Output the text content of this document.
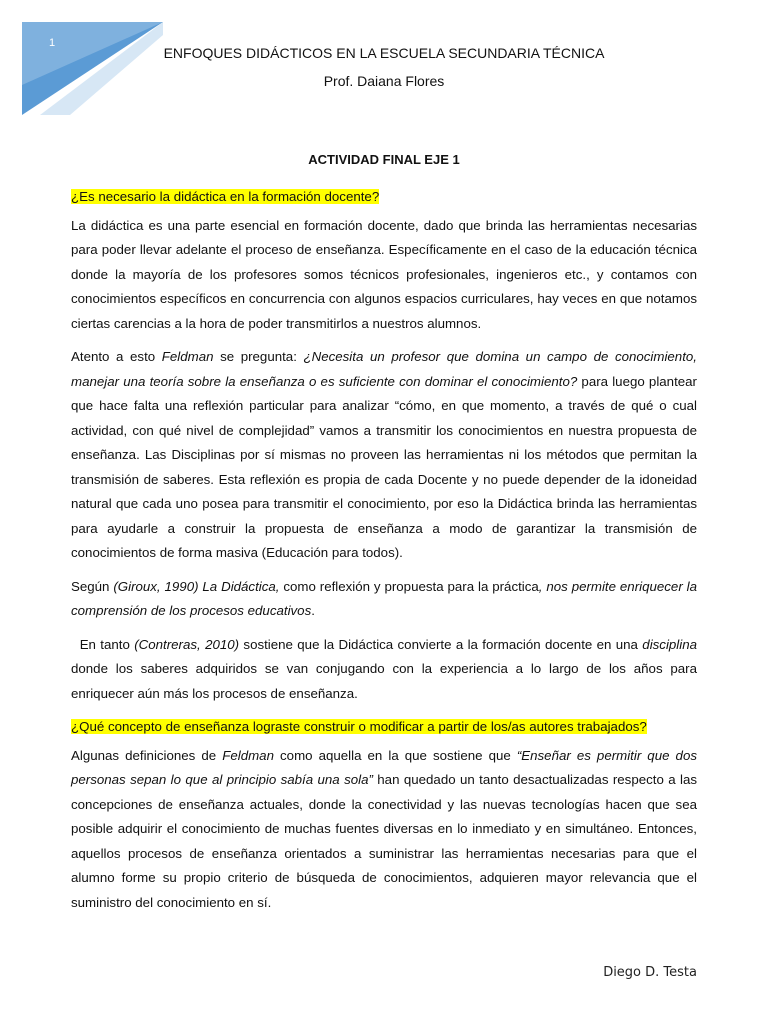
1
ENFOQUES DIDÁCTICOS EN LA ESCUELA SECUNDARIA TÉCNICA
Prof. Daiana Flores
ACTIVIDAD FINAL EJE 1

¿Es necesario la didáctica en la formación docente?

La didáctica es una parte esencial en formación docente, dado que brinda las herramientas necesarias para poder llevar adelante el proceso de enseñanza. Específicamente en el caso de la educación técnica donde la mayoría de los profesores somos técnicos profesionales, ingenieros etc., y contamos con conocimientos específicos en concurrencia con algunos espacios curriculares, hay veces en que notamos ciertas carencias a la hora de poder transmitirlos a nuestros alumnos.

Atento a esto Feldman se pregunta: ¿Necesita un profesor que domina un campo de conocimiento, manejar una teoría sobre la enseñanza o es suficiente con dominar el conocimiento? para luego plantear que hace falta una reflexión particular para analizar “cómo, en que momento, a través de qué o cual actividad, con qué nivel de complejidad” vamos a transmitir los conocimientos en nuestra propuesta de enseñanza. Las Disciplinas por sí mismas no proveen las herramientas ni los métodos que permitan la transmisión de saberes. Esta reflexión es propia de cada Docente y no puede depender de la idoneidad natural que cada uno posea para transmitir el conocimiento, por eso la Didáctica brinda las herramientas para ayudarle a construir la propuesta de enseñanza a modo de garantizar la transmisión de conocimientos de forma masiva (Educación para todos).

Según (Giroux, 1990) La Didáctica, como reflexión y propuesta para la práctica, nos permite enriquecer la comprensión de los procesos educativos.

En tanto (Contreras, 2010) sostiene que la Didáctica convierte a la formación docente en una disciplina donde los saberes adquiridos se van conjugando con la experiencia a lo largo de los años para enriquecer aún más los procesos de enseñanza.

¿Qué concepto de enseñanza lograste construir o modificar a partir de los/as autores trabajados?

Algunas definiciones de Feldman como aquella en la que sostiene que “Enseñar es permitir que dos personas sepan lo que al principio sabía una sola” han quedado un tanto desactualizadas respecto a las concepciones de enseñanza actuales, donde la conectividad y las nuevas tecnologías hacen que sea posible adquirir el conocimiento de muchas fuentes diversas en lo inmediato y en simultáneo. Entonces, aquellos procesos de enseñanza orientados a suministrar las herramientas necesarias para que el alumno forme su propio criterio de búsqueda de conocimientos, adquieren mayor relevancia que el suministro del conocimiento en sí.

Diego D. Testa
